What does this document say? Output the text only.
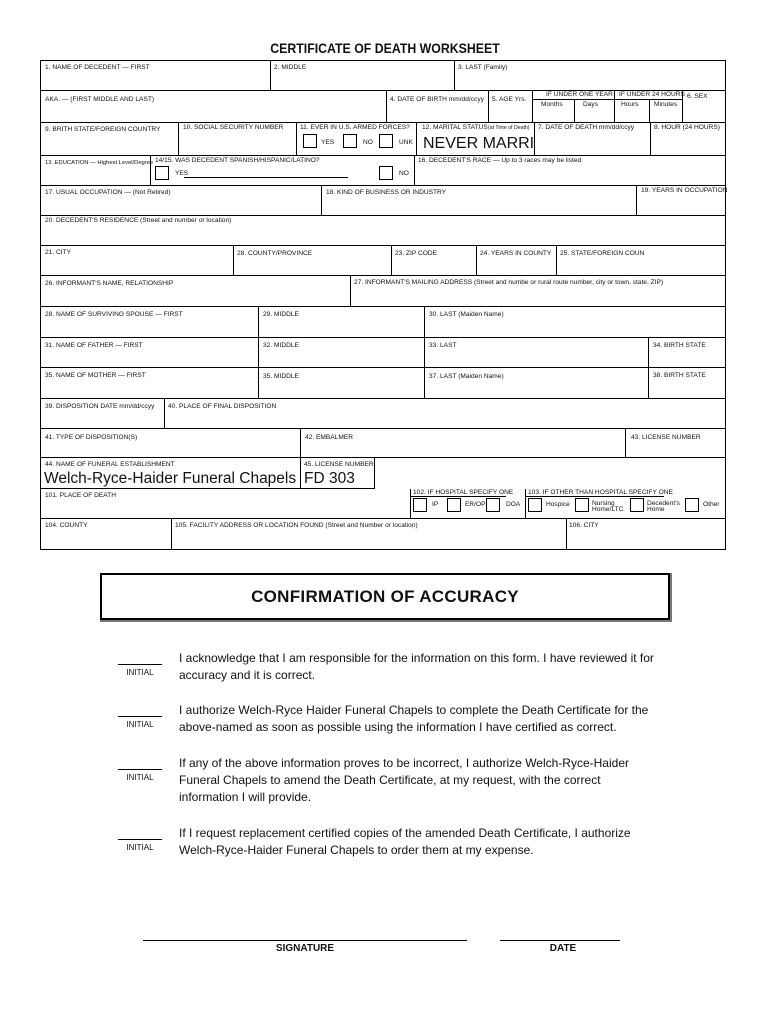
CERTIFICATE OF DEATH WORKSHEET
1. NAME OF DECEDENT — FIRST	2. MIDDLE	3. LAST (Family)
AKA. — (FIRST MIDDLE AND LAST)	4. DATE OF BIRTH mm/dd/ccyy 5. AGE Yrs.
IF UNDER ONE YEAR
Months	Days
IF UNDER 24 HOURS
Hours Minutes
6. SEX
9. BRITH STATE/FOREIGN COUNTRY	10. SOCIAL SECURITY NUMBER	11. EVER IN U.S. ARMED FORCES?
YES	NO	UNK
12. MARITAL STATUS (at Time of Death)
NEVER MARRI
7. DATE OF DEATH mm/dd/ccyy	8. HOUR (24 HOURS)
13. EDUCATION — Highest Level/Degree 14/15. WAS DECEDENT SPANISH/HISPANIC/LATINO?
YES	NO
16. DECEDENT'S RACE — Up to 3 races may be listed
17. USUAL OCCUPATION — (Not Retired)	18. KIND OF BUSINESS OR INDUSTRY	19. YEARS IN OCCUPATION
20. DECEDENT'S RESIDENCE (Street and number or location)
21. CITY	28. COUNTY/PROVINCE	23. ZIP CODE	24. YEARS IN COUNTY 25. STATE/FOREIGN COUN
26. INFORMANT'S NAME, RELATIONSHIP	27. INFORMANT'S MAILING ADDRESS (Street and numbe or rural route number, city or town, state, ZIP)
28. NAME OF SURVIVING SPOUSE — FIRST	29. MIDDLE	30. LAST (Maiden Name)
31. NAME OF FATHER — FIRST	32. MIDDLE	33. LAST	34. BIRTH STATE
35. NAME OF MOTHER — FIRST	35. MIDDLE	37. LAST (Maiden Name)	38. BIRTH STATE
39. DISPOSITION DATE mm/dd/ccyy 40. PLACE OF FINAL DISPOSITION
41. TYPE OF DISPOSITION(S)	42. EMBALMER	43. LICENSE NUMBER
44. NAME OF FUNERAL ESTABLISHMENT
Welch-Ryce-Haider Funeral Chapels
45. LICENSE NUMBER
FD 303
101. PLACE OF DEATH	102. IF HOSPITAL SPECIFY ONE
IP	ER/OP	DOA
103. IF OTHER THAN HOSPITAL SPECIFY ONE
Hospice	Nursing Home/LTC
Decedent's Home
Other
104. COUNTY	105. FACILITY ADDRESS OR LOCATION FOUND (Street and Number or location)	106. CITY
CONFIRMATION OF ACCURACY
INITIAL
I acknowledge that I am responsible for the information on this form. I have reviewed it for accuracy and it is correct.
INITIAL
I authorize Welch-Ryce Haider Funeral Chapels to complete the Death Certificate for the above-named as soon as possible using the information I have certified as correct.
INITIAL
If any of the above information proves to be incorrect, I authorize Welch-Ryce-Haider Funeral Chapels to amend the Death Certificate, at my request, with the correct information I will provide.
INITIAL
If I request replacement certified copies of the amended Death Certificate, I authorize Welch-Ryce-Haider Funeral Chapels to order them at my expense.
SIGNATURE	DATE
